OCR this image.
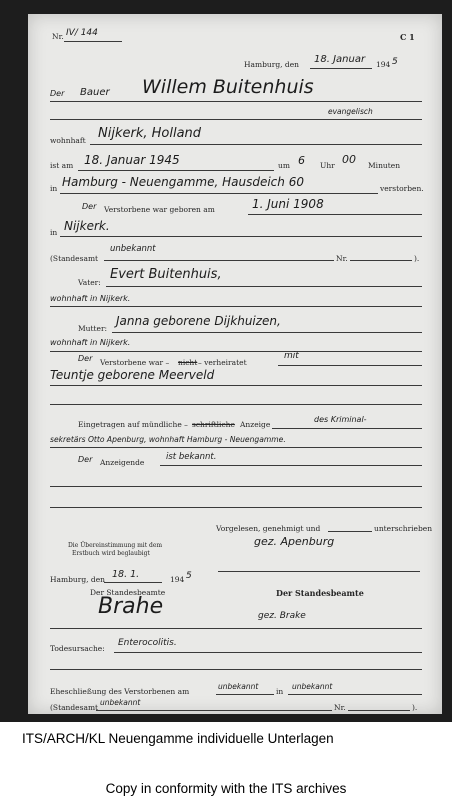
Nr. IV/ 144	C 1
Hamburg, den 18. Januar 194 5
Der Bauer Willem Buitenhuis
evangelisch
wohnhaft Nijkerk, Holland
ist am 18. Januar 1945	um 6 Uhr 00 Minuten
in Hamburg - Neuengamme, Hausdeich 60	verstorben.
Der Verstorbene war geboren am	1. Juni 1908
in Nijkerk.
(Standesamt
unbekannt
Nr.	).
Vater:
Evert Buitenhuis,
wohnhaft in Nijkerk.
Mutter:
Janna geborene Dijkhuizen,
wohnhaft in Nijkerk.
Der Verstorbene war – nicht – verheiratet
mit
Teuntje geborene Meerveld
Eingetragen auf mündliche – schriftliche Anzeige
des Kriminal-
sekretärs Otto Apenburg, wohnhaft Hamburg - Neuengamme.
Der Anzeigende
ist bekannt.
Vorgelesen, genehmigt und	unterschrieben
Die Übereinstimmung mit dem
Erstbuch wird beglaubigt
gez. Apenburg
Hamburg, den 18. 1.	194 5
Der Standesbeamte	Der Standesbeamte
Brahe	gez. Brake
Todesursache:
Enterocolitis.
Eheschließung des Verstorbenen am
unbekannt
in
unbekannt
(Standesamt
unbekannt
Nr.	).
ITS/ARCH/KL Neuengamme individuelle Unterlagen
Copy in conformity with the ITS archives
